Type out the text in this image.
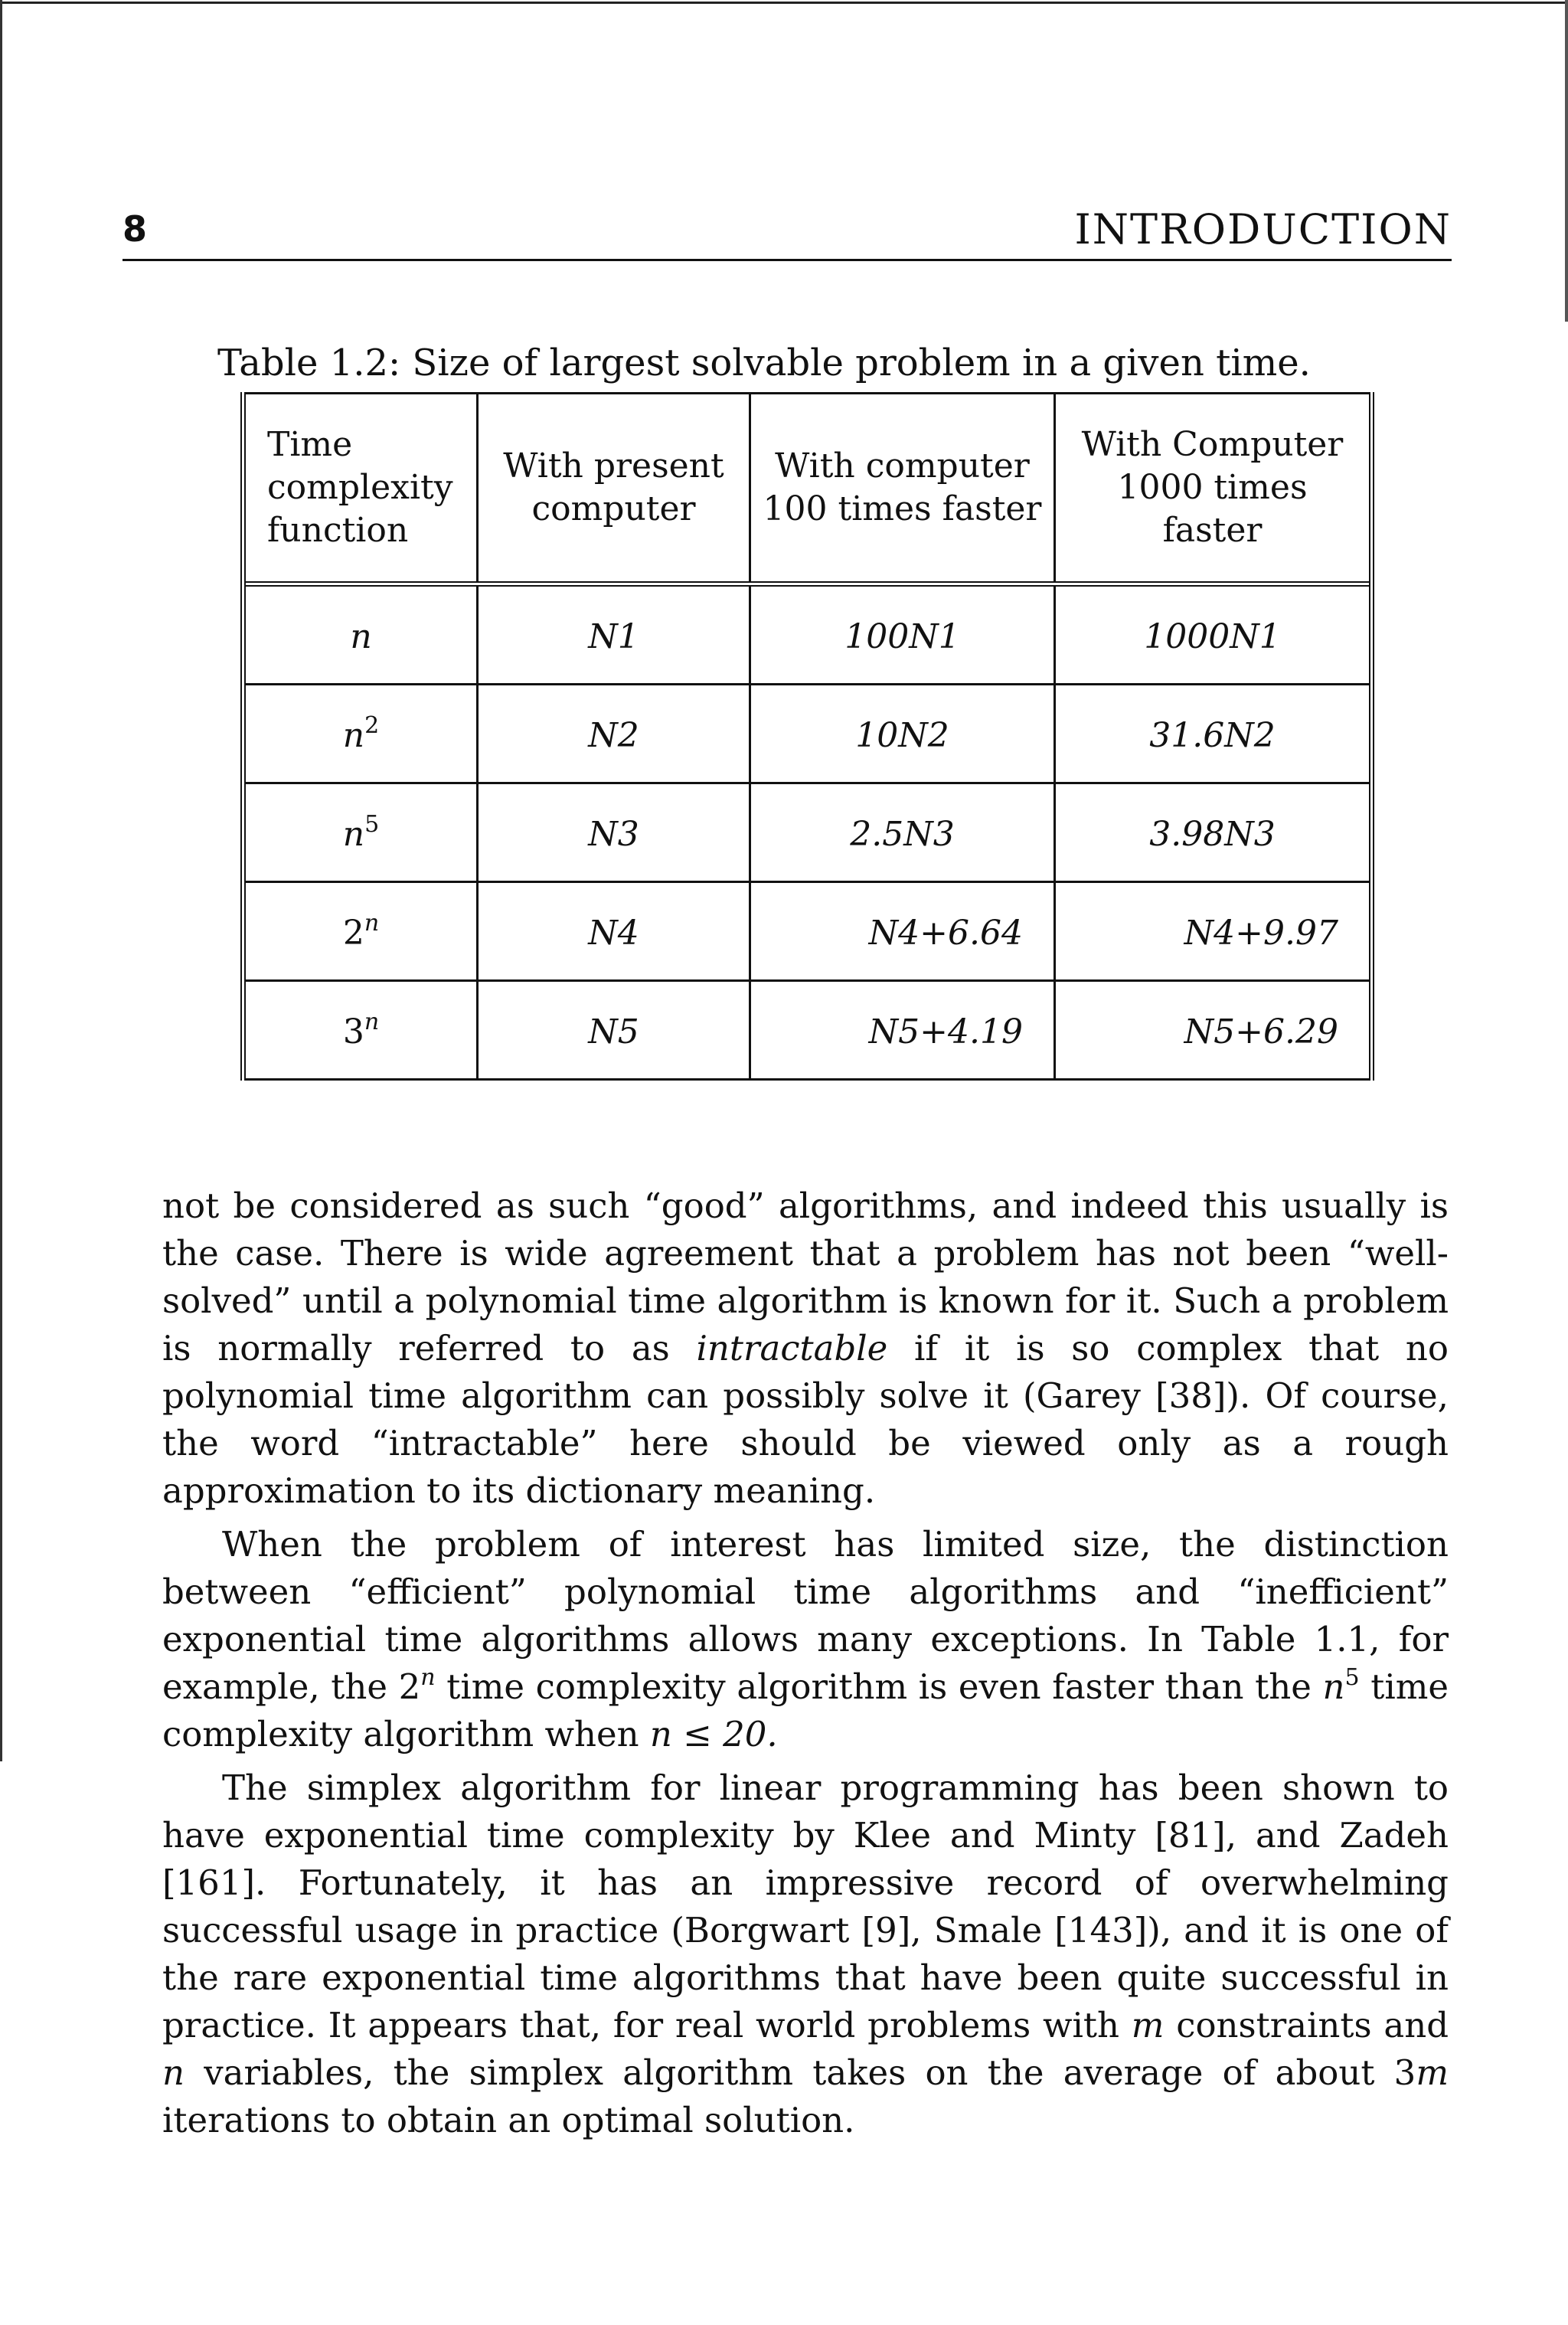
8	INTRODUCTION
Table 1.2: Size of largest solvable problem in a given time.
Time complexity function	With present computer	With computer 100 times faster	With Computer 1000 times faster
n	N1	100N1	1000N1
$n^2$	N2	10N2	31.6N2
$n^5$	N3	2.5N3	3.98N3
2$^n$	N4	N4+6.64	N4+9.97
3$^n$	N5	N5+4.19	N5+6.29

not be considered as such “good” algorithms, and indeed this usually is the case. There is wide agreement that a problem has not been “well-solved” until a polynomial time algorithm is known for it. Such a problem is normally referred to as intractable if it is so complex that no polynomial time algorithm can possibly solve it (Garey [38]). Of course, the word “intractable” here should be viewed only as a rough approximation to its dictionary meaning.

When the problem of interest has limited size, the distinction between “efficient” polynomial time algorithms and “inefficient” exponential time algorithms allows many exceptions. In Table 1.1, for example, the 2$^n$ time complexity algorithm is even faster than the $n^5$ time complexity algorithm when n ≤ 20.

The simplex algorithm for linear programming has been shown to have exponential time complexity by Klee and Minty [81], and Zadeh [161]. Fortunately, it has an impressive record of overwhelming successful usage in practice (Borgwart [9], Smale [143]), and it is one of the rare exponential time algorithms that have been quite successful in practice. It appears that, for real world problems with m constraints and n variables, the simplex algorithm takes on the average of about 3m iterations to obtain an optimal solution.
